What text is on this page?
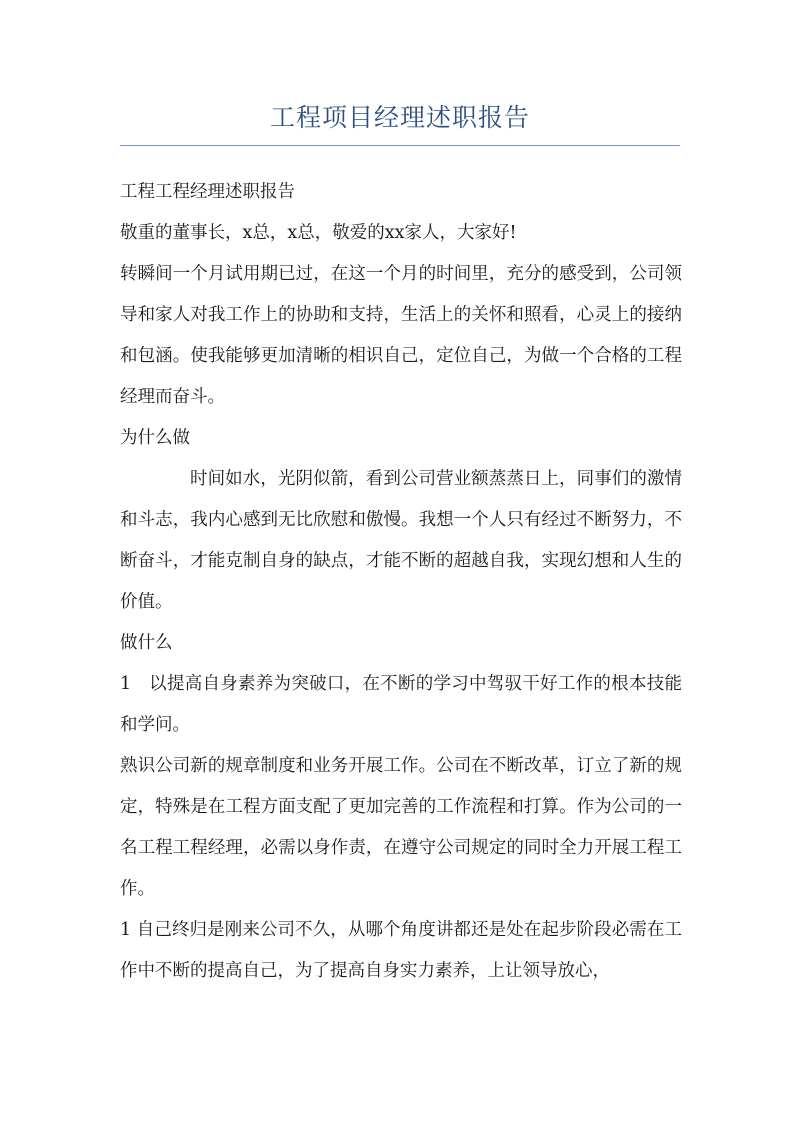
工程项目经理述职报告

工程工程经理述职报告

敬重的董事长，x总，x总，敬爱的xx家人，大家好!

转瞬间一个月试用期已过，在这一个月的时间里，充分的感受到，公司领导和家人对我工作上的协助和支持，生活上的关怀和照看，心灵上的接纳和包涵。使我能够更加清晰的相识自己，定位自己，为做一个合格的工程经理而奋斗。

为什么做

时间如水，光阴似箭，看到公司营业额蒸蒸日上，同事们的激情和斗志，我内心感到无比欣慰和傲慢。我想一个人只有经过不断努力，不断奋斗，才能克制自身的缺点，才能不断的超越自我，实现幻想和人生的价值。

做什么

1　以提高自身素养为突破口，在不断的学习中驾驭干好工作的根本技能和学问。

熟识公司新的规章制度和业务开展工作。公司在不断改革，订立了新的规定，特殊是在工程方面支配了更加完善的工作流程和打算。作为公司的一名工程工程经理，必需以身作责，在遵守公司规定的同时全力开展工程工作。

1 自己终归是刚来公司不久，从哪个角度讲都还是处在起步阶段必需在工作中不断的提高自己，为了提高自身实力素养，上让领导放心，
